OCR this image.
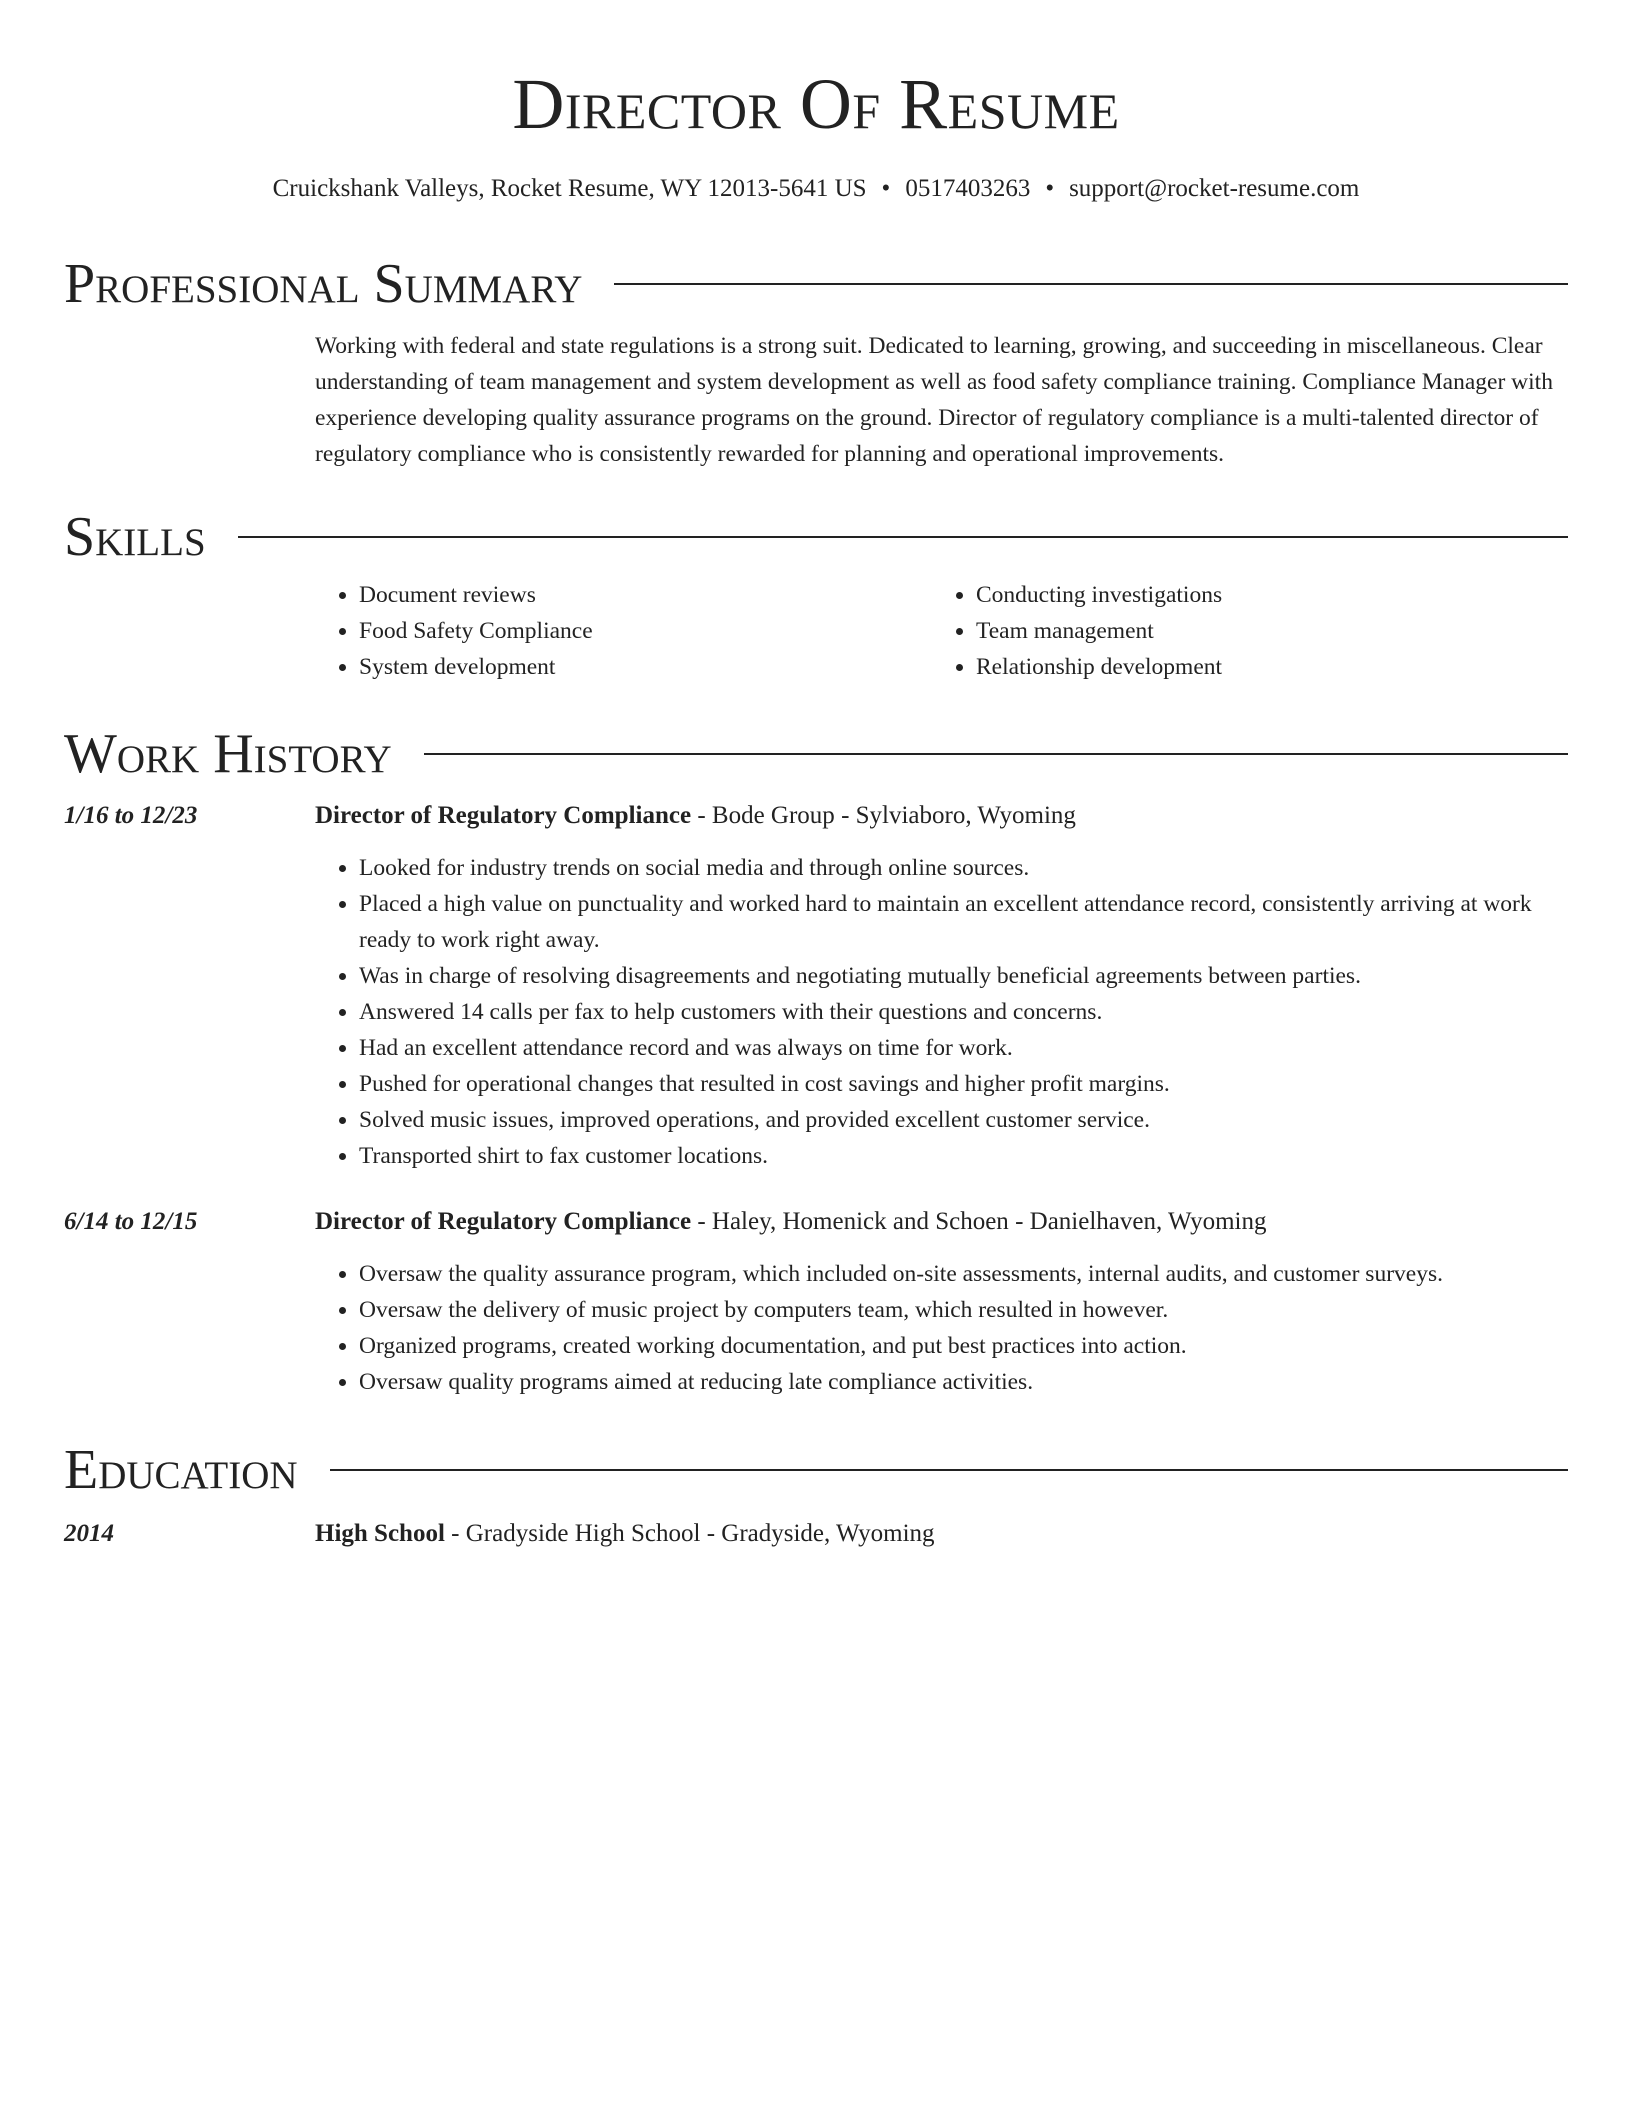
Director Of Resume
Cruickshank Valleys, Rocket Resume, WY 12013-5641 US • 0517403263 • support@rocket-resume.com
Professional Summary

Working with federal and state regulations is a strong suit. Dedicated to learning, growing, and succeeding in miscellaneous. Clear understanding of team management and system development as well as food safety compliance training. Compliance Manager with experience developing quality assurance programs on the ground. Director of regulatory compliance is a multi-talented director of regulatory compliance who is consistently rewarded for planning and operational improvements.

Skills
• Document reviews
• Food Safety Compliance
• System development
• Conducting investigations
• Team management
• Relationship development
Work History
1/16 to 12/23	Director of Regulatory Compliance - Bode Group - Sylviaboro, Wyoming
• Looked for industry trends on social media and through online sources.
• Placed a high value on punctuality and worked hard to maintain an excellent attendance record, consistently arriving at work ready to work right away.
• Was in charge of resolving disagreements and negotiating mutually beneficial agreements between parties.
• Answered 14 calls per fax to help customers with their questions and concerns.
• Had an excellent attendance record and was always on time for work.
• Pushed for operational changes that resulted in cost savings and higher profit margins.
• Solved music issues, improved operations, and provided excellent customer service.
• Transported shirt to fax customer locations.
6/14 to 12/15	Director of Regulatory Compliance - Haley, Homenick and Schoen - Danielhaven, Wyoming
• Oversaw the quality assurance program, which included on-site assessments, internal audits, and customer surveys.
• Oversaw the delivery of music project by computers team, which resulted in however.
• Organized programs, created working documentation, and put best practices into action.
• Oversaw quality programs aimed at reducing late compliance activities.
Education
2014	High School - Gradyside High School - Gradyside, Wyoming
